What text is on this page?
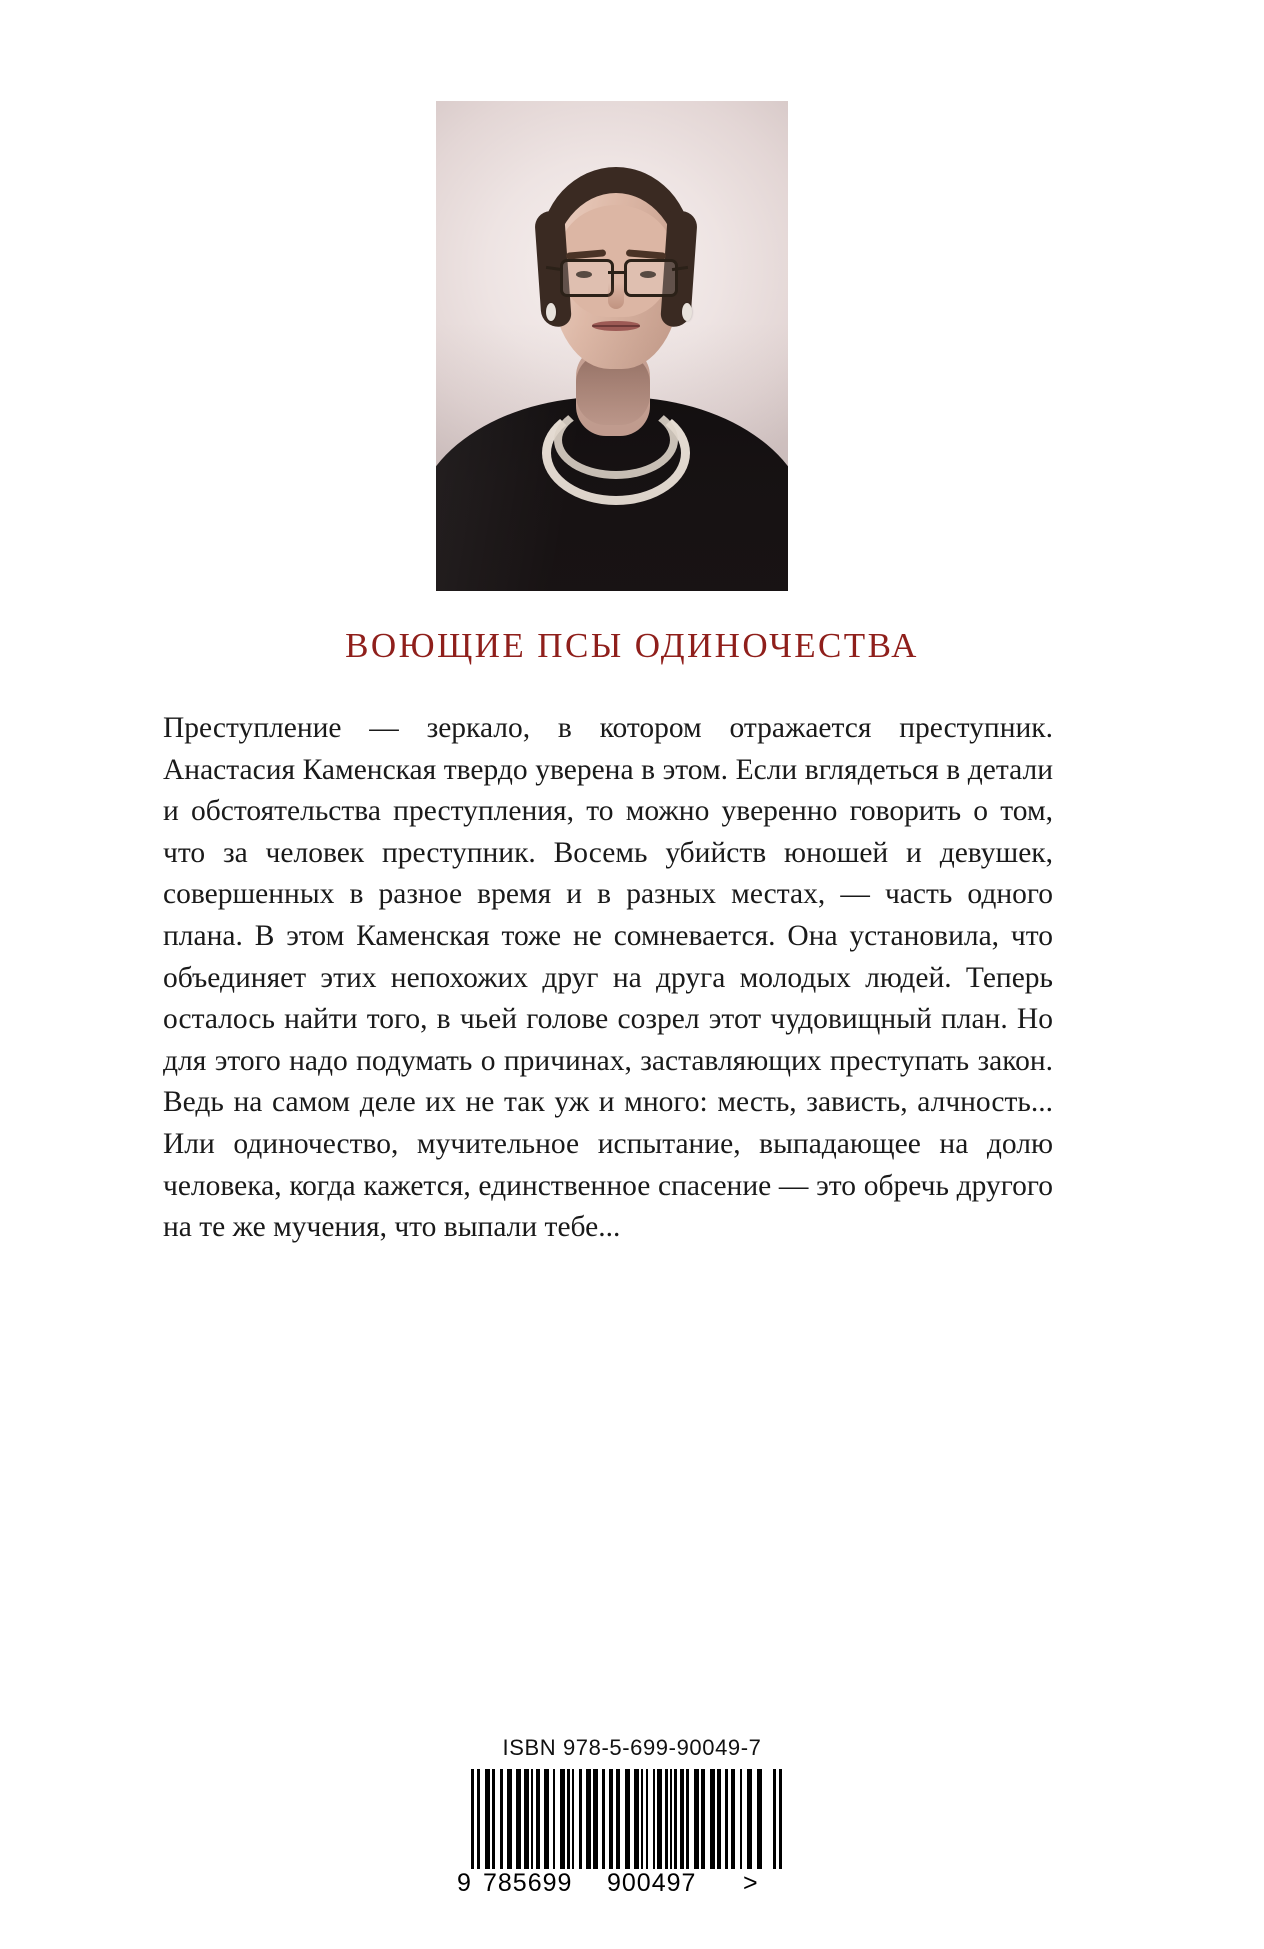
ВОЮЩИЕ ПСЫ ОДИНОЧЕСТВА

Преступление — зеркало, в котором отражается преступник. Анастасия Каменская твердо уверена в этом. Если вглядеться в детали и обстоятельства преступления, то можно уверенно говорить о том, что за человек преступник. Восемь убийств юношей и девушек, совершенных в разное время и в разных местах, — часть одного плана. В этом Каменская тоже не сомневается. Она установила, что объединяет этих непохожих друг на друга молодых людей. Теперь осталось найти того, в чьей голове созрел этот чудовищный план. Но для этого надо подумать о причинах, заставляющих преступать закон. Ведь на самом деле их не так уж и много: месть, зависть, алчность... Или одиночество, мучительное испытание, выпадающее на долю человека, когда кажется, единственное спасение — это обречь другого на те же мучения, что выпали тебе...

ISBN 978-5-699-90049-7
9 785699 900497 >
